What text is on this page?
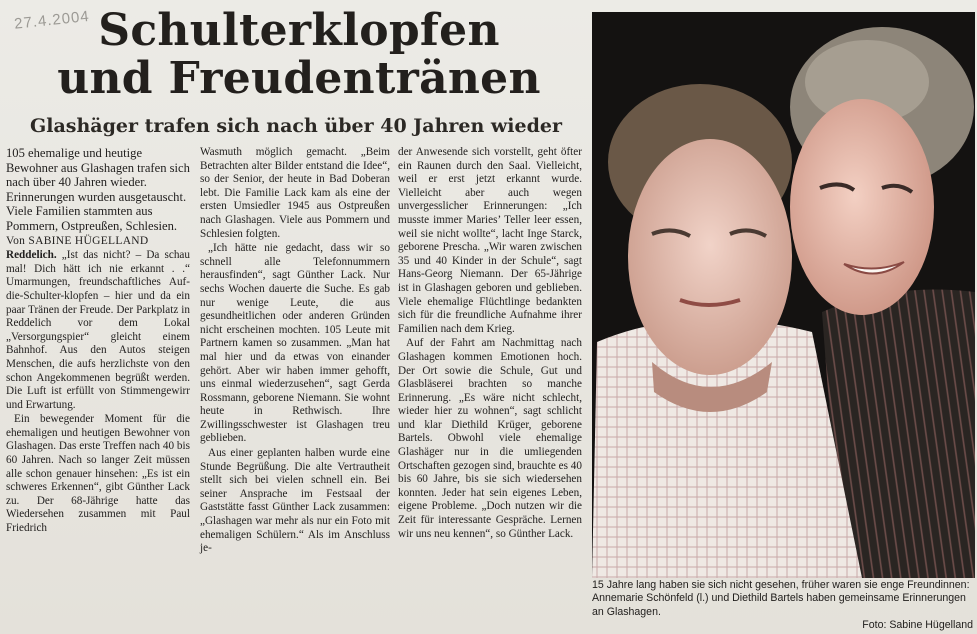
27.4.2004 Schulterklopfen
und Freudentränen
Glashäger trafen sich nach über 40 Jahren wieder

105 ehemalige und heutige Bewohner aus Glashagen trafen sich nach über 40 Jahren wieder. Erinnerungen wurden ausgetauscht. Viele Familien stammten aus Pommern, Ostpreußen, Schlesien.

Von SABINE HÜGELLAND

Reddelich. „Ist das nicht? – Da schau mal! Dich hätt ich nie erkannt . .“ Umarmungen, freundschaftliches Auf-die-Schulter-klopfen – hier und da ein paar Tränen der Freude. Der Parkplatz in Reddelich vor dem Lokal „Versorgungspier“ gleicht einem Bahnhof. Aus den Autos steigen Menschen, die aufs herzlichste von den schon Angekommenen begrüßt werden. Die Luft ist erfüllt von Stimmengewirr und Erwartung.

Ein bewegender Moment für die ehemaligen und heutigen Bewohner von Glashagen. Das erste Treffen nach 40 bis 60 Jahren. Nach so langer Zeit müssen alle schon genauer hinsehen: „Es ist ein schweres Erkennen“, gibt Günther Lack zu. Der 68-Jährige hatte das Wiedersehen zusammen mit Paul Friedrich

Wasmuth möglich gemacht. „Beim Betrachten alter Bilder entstand die Idee“, so der Senior, der heute in Bad Doberan lebt. Die Familie Lack kam als eine der ersten Umsiedler 1945 aus Ostpreußen nach Glashagen. Viele aus Pommern und Schlesien folgten.

„Ich hätte nie gedacht, dass wir so schnell alle Telefonnummern herausfinden“, sagt Günther Lack. Nur sechs Wochen dauerte die Suche. Es gab nur wenige Leute, die aus gesundheitlichen oder anderen Gründen nicht erscheinen mochten. 105 Leute mit Partnern kamen so zusammen. „Man hat mal hier und da etwas von einander gehört. Aber wir haben immer gehofft, uns einmal wiederzusehen“, sagt Gerda Rossmann, geborene Niemann. Sie wohnt heute in Rethwisch. Ihre Zwillingsschwester ist Glashagen treu geblieben.

Aus einer geplanten halben wurde eine Stunde Begrüßung. Die alte Vertrautheit stellt sich bei vielen schnell ein. Bei seiner Ansprache im Festsaal der Gaststätte fasst Günther Lack zusammen: „Glashagen war mehr als nur ein Foto mit ehemaligen Schülern.“ Als im Anschluss je-

der Anwesende sich vorstellt, geht öfter ein Raunen durch den Saal. Vielleicht, weil er erst jetzt erkannt wurde. Vielleicht aber auch wegen unvergesslicher Erinnerungen: „Ich musste immer Maries’ Teller leer essen, weil sie nicht wollte“, lacht Inge Starck, geborene Prescha. „Wir waren zwischen 35 und 40 Kinder in der Schule“, sagt Hans-Georg Niemann. Der 65-Jährige ist in Glashagen geboren und geblieben. Viele ehemalige Flüchtlinge bedankten sich für die freundliche Aufnahme ihrer Familien nach dem Krieg.

Auf der Fahrt am Nachmittag nach Glashagen kommen Emotionen hoch. Der Ort sowie die Schule, Gut und Glasbläserei brachten so manche Erinnerung. „Es wäre nicht schlecht, wieder hier zu wohnen“, sagt schlicht und klar Diethild Krüger, geborene Bartels. Obwohl viele ehemalige Glashäger nur in die umliegenden Ortschaften gezogen sind, brauchte es 40 bis 60 Jahre, bis sie sich wiedersehen konnten. Jeder hat sein eigenes Leben, eigene Probleme. „Doch nutzen wir die Zeit für interessante Gespräche. Lernen wir uns neu kennen“, so Günther Lack.

15 Jahre lang haben sie sich nicht gesehen, früher waren sie enge Freundinnen: Annemarie Schönfeld (l.) und Diethild Bartels haben gemeinsame Erinnerungen an Glashagen.

Foto: Sabine Hügelland
